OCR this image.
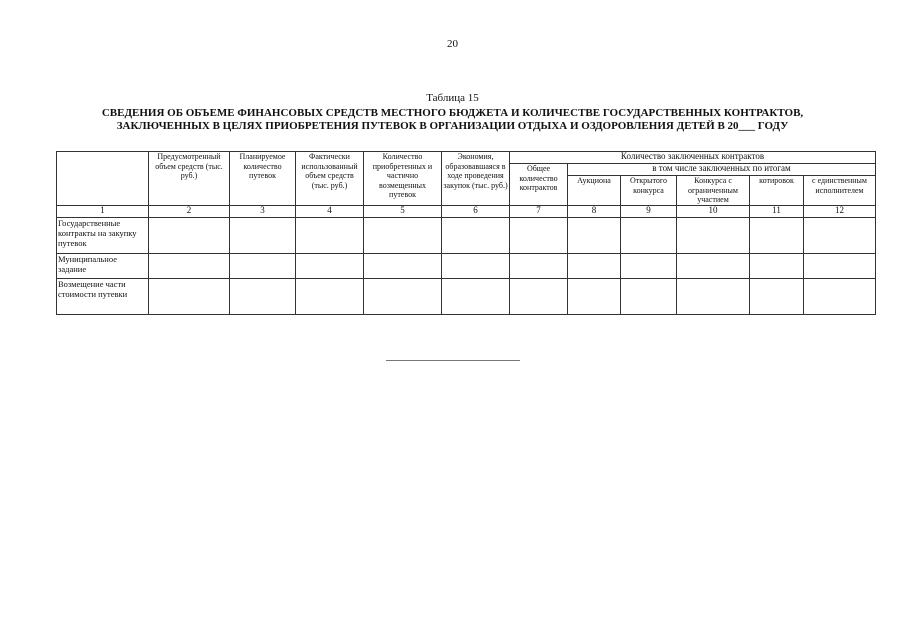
20
Таблица 15
СВЕДЕНИЯ ОБ ОБЪЕМЕ ФИНАНСОВЫХ СРЕДСТВ МЕСТНОГО БЮДЖЕТА И КОЛИЧЕСТВЕ ГОСУДАРСТВЕННЫХ КОНТРАКТОВ,
ЗАКЛЮЧЕННЫХ В ЦЕЛЯХ ПРИОБРЕТЕНИЯ ПУТЕВОК В ОРГАНИЗАЦИИ ОТДЫХА И ОЗДОРОВЛЕНИЯ ДЕТЕЙ В 20___ ГОДУ
	Предусмотренный объем средств (тыс. руб.)	Планируемое количество путевок	Фактически использованный объем средств (тыс. руб.)	Количество приобретенных и частично возмещенных путевок	Экономия, образовавшаяся в ходе проведения закупок (тыс. руб.)	Количество заключенных контрактов					
						Общее количество контрактов	в том числе заключенных по итогам				
							Аукциона	Открытого конкурса	Конкурса с ограниченным участием	котировок	с единственным исполнителем
1	2	3	4	5	6	7	8	9	10	11	12
Государственные контракты на закупку путевок											
Муниципальное задание											
Возмещение части стоимости путевки											
